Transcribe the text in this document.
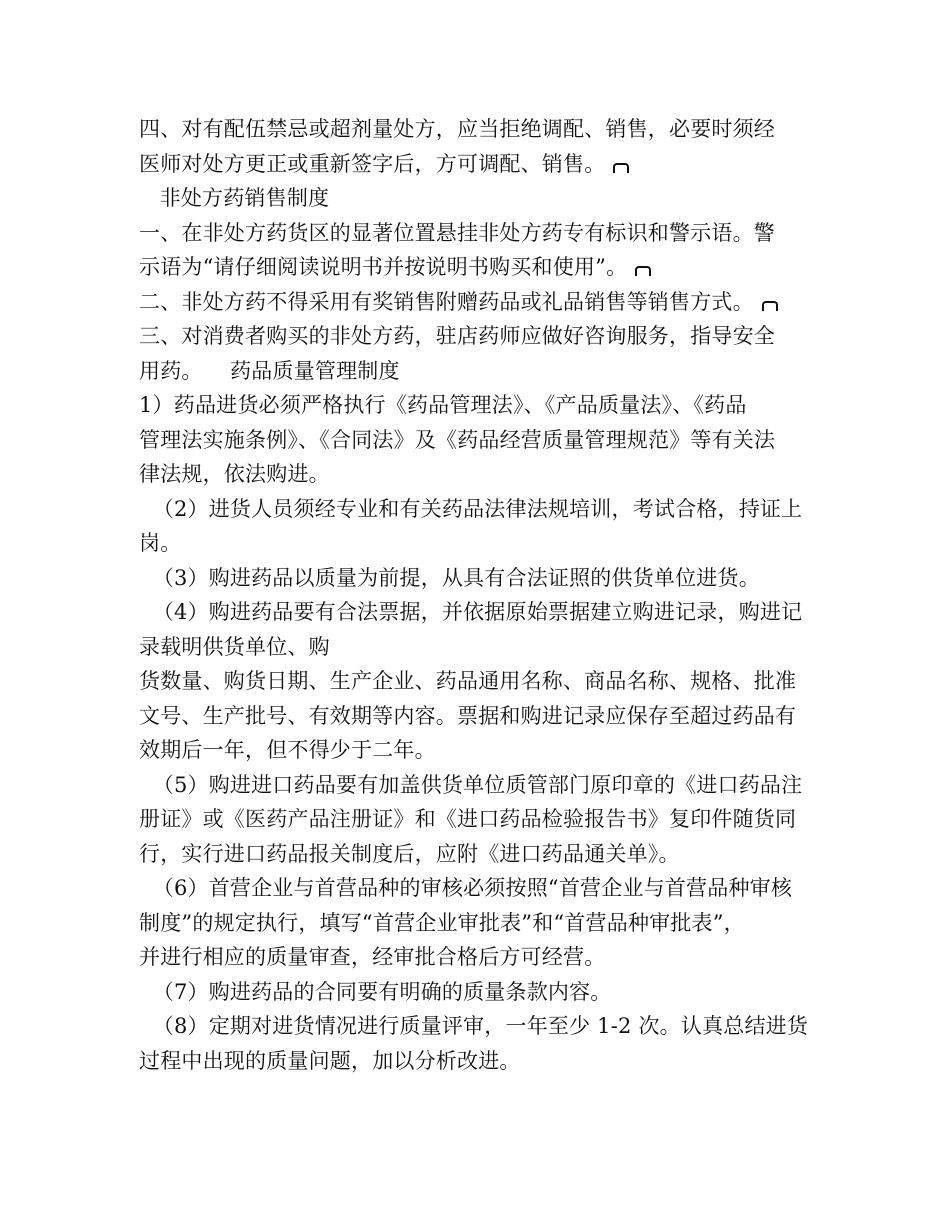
四、对有配伍禁忌或超剂量处方，应当拒绝调配、销售，必要时须经
医师对处方更正或重新签字后，方可调配、销售。
非处方药销售制度
一、在非处方药货区的显著位置悬挂非处方药专有标识和警示语。警
示语为“请仔细阅读说明书并按说明书购买和使用”。
二、非处方药不得采用有奖销售附赠药品或礼品销售等销售方式。
三、对消费者购买的非处方药，驻店药师应做好咨询服务，指导安全
用药。    药品质量管理制度
1）药品进货必须严格执行《药品管理法》、《产品质量法》、《药品
管理法实施条例》、《合同法》及《药品经营质量管理规范》等有关法
律法规，依法购进。
（2）进货人员须经专业和有关药品法律法规培训，考试合格，持证上
岗。
（3）购进药品以质量为前提，从具有合法证照的供货单位进货。
（4）购进药品要有合法票据，并依据原始票据建立购进记录，购进记
录载明供货单位、购
货数量、购货日期、生产企业、药品通用名称、商品名称、规格、批准
文号、生产批号、有效期等内容。票据和购进记录应保存至超过药品有
效期后一年，但不得少于二年。
（5）购进进口药品要有加盖供货单位质管部门原印章的《进口药品注
册证》或《医药产品注册证》和《进口药品检验报告书》复印件随货同
行，实行进口药品报关制度后，应附《进口药品通关单》。
（6）首营企业与首营品种的审核必须按照“首营企业与首营品种审核
制度”的规定执行，填写“首营企业审批表”和“首营品种审批表”，
并进行相应的质量审查，经审批合格后方可经营。
（7）购进药品的合同要有明确的质量条款内容。
（8）定期对进货情况进行质量评审，一年至少 1-2 次。认真总结进货
过程中出现的质量问题，加以分析改进。
